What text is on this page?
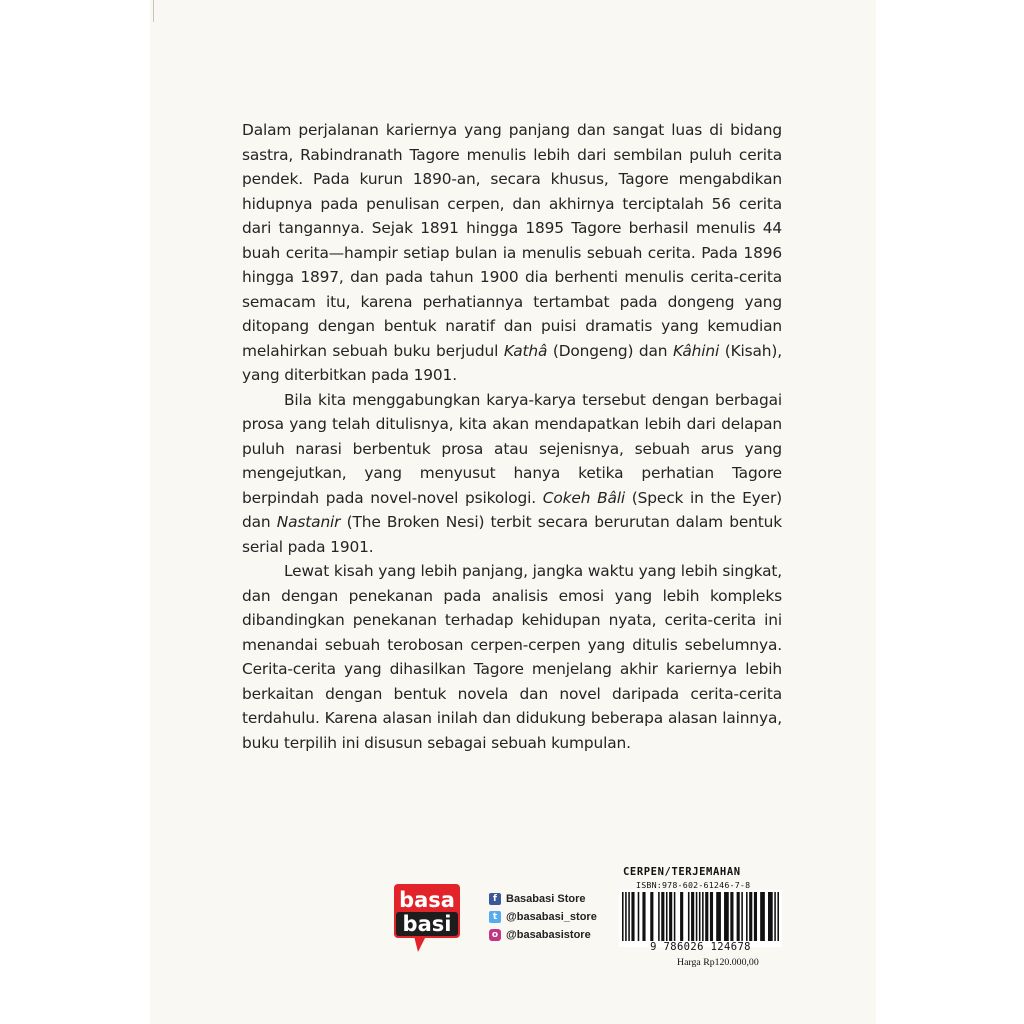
Dalam perjalanan kariernya yang panjang dan sangat luas di bidang sastra, Rabindranath Tagore menulis lebih dari sembilan puluh cerita pendek. Pada kurun 1890-an, secara khusus, Tagore mengabdikan hidupnya pada penulisan cerpen, dan akhirnya terciptalah 56 cerita dari tangannya. Sejak 1891 hingga 1895 Tagore berhasil menulis 44 buah cerita—hampir setiap bulan ia menulis sebuah cerita. Pada 1896 hingga 1897, dan pada tahun 1900 dia berhenti menulis cerita-cerita semacam itu, karena perhatiannya tertambat pada dongeng yang ditopang dengan bentuk naratif dan puisi dramatis yang kemudian melahirkan sebuah buku berjudul Kathâ (Dongeng) dan Kâhini (Kisah), yang diterbitkan pada 1901.

Bila kita menggabungkan karya-karya tersebut dengan berbagai prosa yang telah ditulisnya, kita akan mendapatkan lebih dari delapan puluh narasi berbentuk prosa atau sejenisnya, sebuah arus yang mengejutkan, yang menyusut hanya ketika perhatian Tagore berpindah pada novel-novel psikologi. Cokeh Bâli (Speck in the Eyer) dan Nastanir (The Broken Nesi) terbit secara berurutan dalam bentuk serial pada 1901.

Lewat kisah yang lebih panjang, jangka waktu yang lebih singkat, dan dengan penekanan pada analisis emosi yang lebih kompleks dibandingkan penekanan terhadap kehidupan nyata, cerita-cerita ini menandai sebuah terobosan cerpen-cerpen yang ditulis sebelumnya. Cerita-cerita yang dihasilkan Tagore menjelang akhir kariernya lebih berkaitan dengan bentuk novela dan novel daripada cerita-cerita terdahulu. Karena alasan inilah dan didukung beberapa alasan lainnya, buku terpilih ini disusun sebagai sebuah kumpulan.

basa
basi
f Basabasi Store
t @basabasi_store
o @basabasistore
CERPEN/TERJEMAHAN
ISBN:978-602-61246-7-8
9 786026 124678
Harga Rp120.000,00
